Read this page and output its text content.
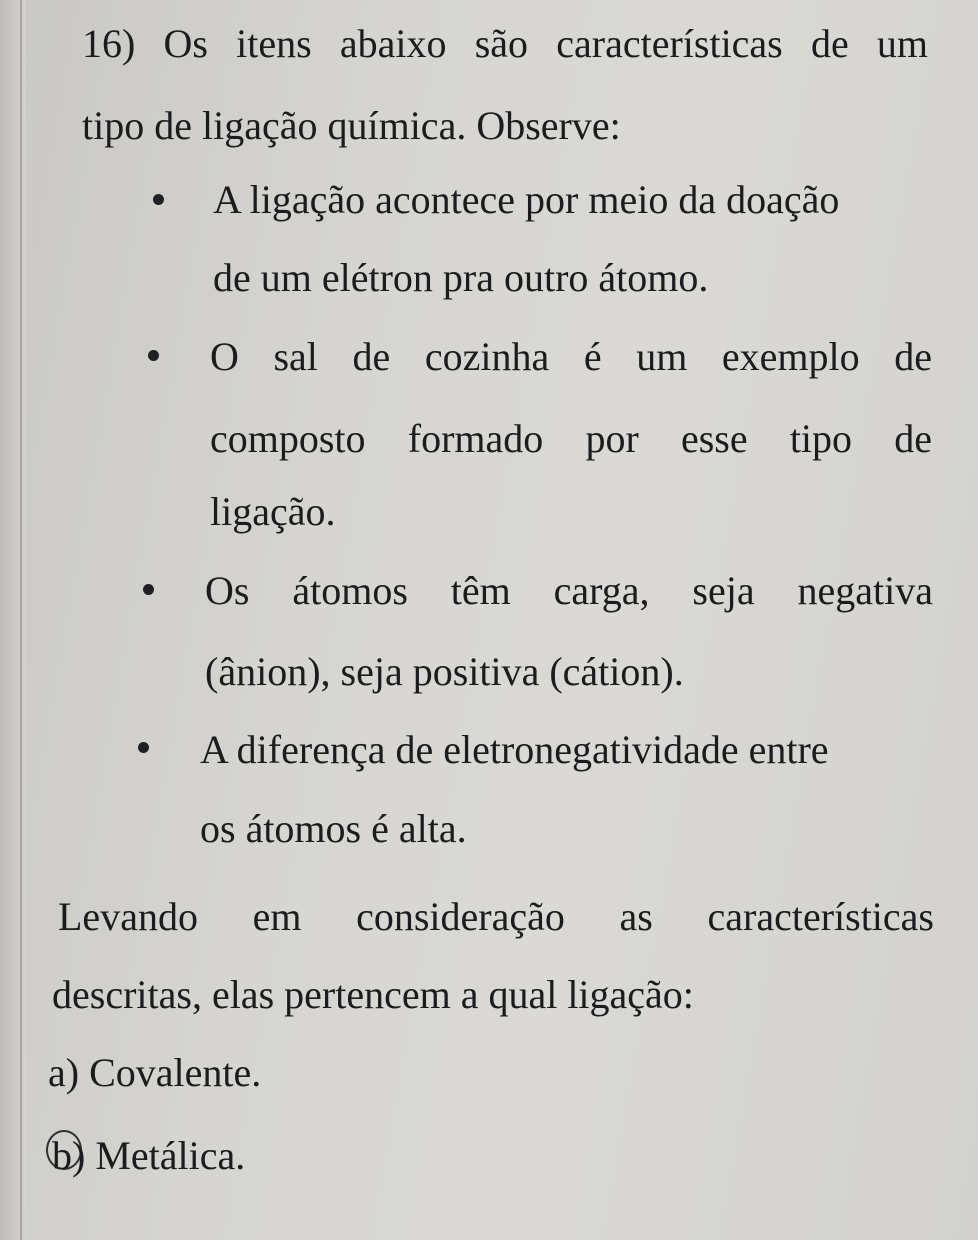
16) Os itens abaixo são características de um

tipo de ligação química. Observe:

A ligação acontece por meio da doação

de um elétron pra outro átomo.

O sal de cozinha é um exemplo de

composto formado por esse tipo de

ligação.

Os átomos têm carga, seja negativa

(ânion), seja positiva (cátion).

A diferença de eletronegatividade entre

os átomos é alta.

Levando em consideração as características

descritas, elas pertencem a qual ligação:

a) Covalente.

b) Metálica.
